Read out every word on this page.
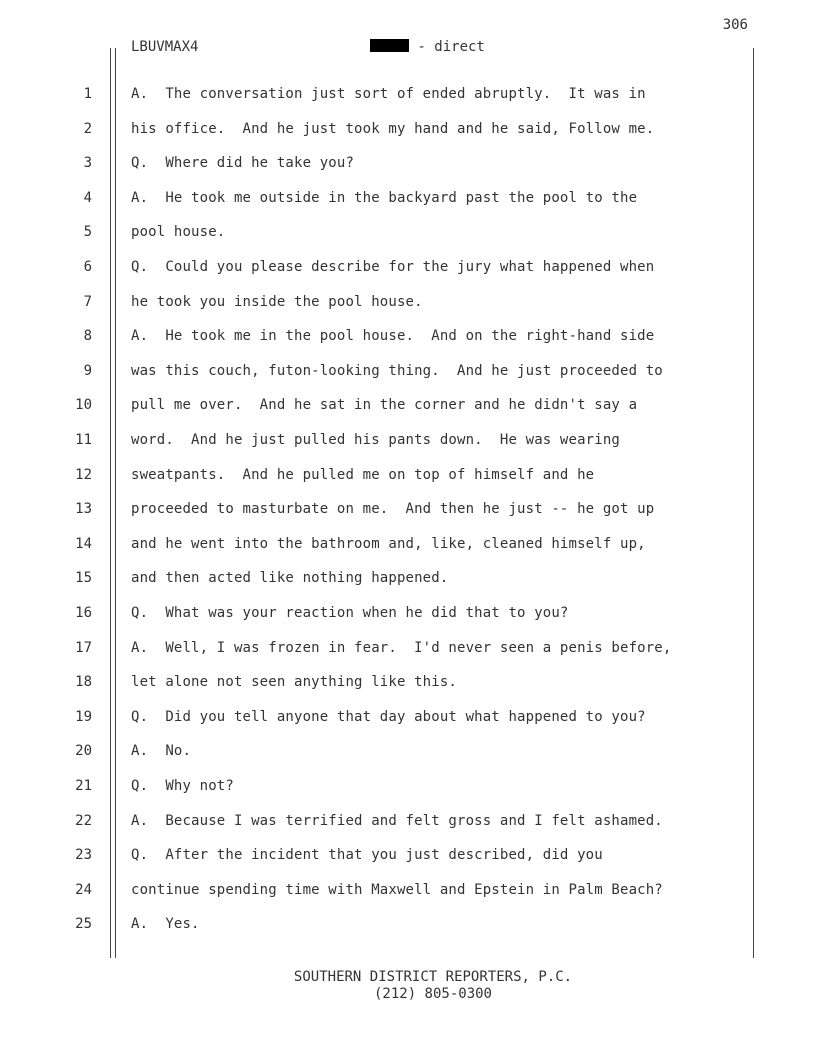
306
LBUVMAX4	- direct
1	A.  The conversation just sort of ended abruptly.  It was in
2	his office.  And he just took my hand and he said, Follow me.
3	Q.  Where did he take you?
4	A.  He took me outside in the backyard past the pool to the
5	pool house.
6	Q.  Could you please describe for the jury what happened when
7	he took you inside the pool house.
8	A.  He took me in the pool house.  And on the right-hand side
9	was this couch, futon-looking thing.  And he just proceeded to
10	pull me over.  And he sat in the corner and he didn't say a
11	word.  And he just pulled his pants down.  He was wearing
12	sweatpants.  And he pulled me on top of himself and he
13	proceeded to masturbate on me.  And then he just -- he got up
14	and he went into the bathroom and, like, cleaned himself up,
15	and then acted like nothing happened.
16	Q.  What was your reaction when he did that to you?
17	A.  Well, I was frozen in fear.  I'd never seen a penis before,
18	let alone not seen anything like this.
19	Q.  Did you tell anyone that day about what happened to you?
20	A.  No.
21	Q.  Why not?
22	A.  Because I was terrified and felt gross and I felt ashamed.
23	Q.  After the incident that you just described, did you
24	continue spending time with Maxwell and Epstein in Palm Beach?
25	A.  Yes.
SOUTHERN DISTRICT REPORTERS, P.C.
(212) 805-0300
